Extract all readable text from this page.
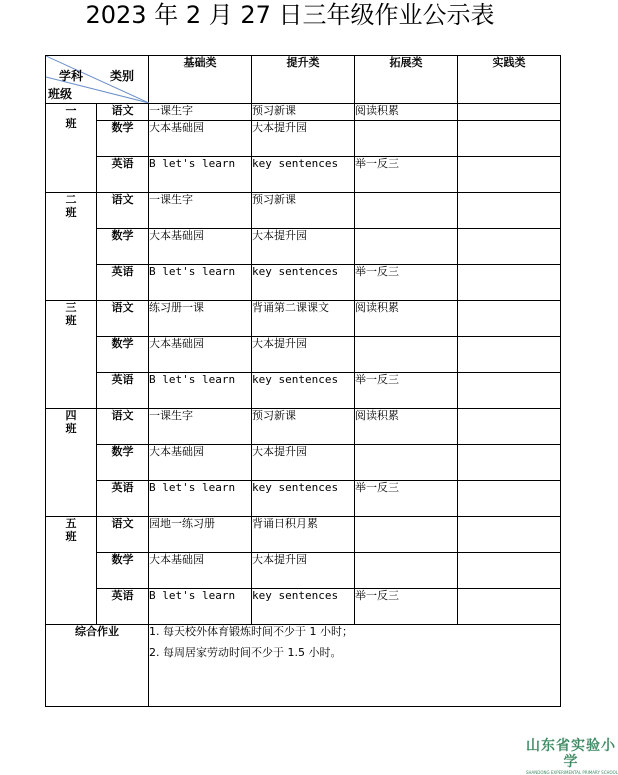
2023 年 2 月 27 日三年级作业公示表
学科 类别
班级		基础类	提升类	拓展类	实践类

一
班	语文	一课生字	预习新课	阅读积累	
	数学	大本基础园	大本提升园		
	英语	B let's learn	key sentences	举一反三	

二
班	语文	一课生字	预习新课		
	数学	大本基础园	大本提升园		
	英语	B let's learn	key sentences	举一反三	

三
班	语文	练习册一课	背诵第二课课文	阅读积累	
	数学	大本基础园	大本提升园		
	英语	B let's learn	key sentences	举一反三	

四
班	语文	一课生字	预习新课	阅读积累	
	数学	大本基础园	大本提升园		
	英语	B let's learn	key sentences	举一反三	

五
班	语文	园地一练习册	背诵日积月累		
	数学	大本基础园	大本提升园		
	英语	B let's learn	key sentences	举一反三	
综合作业		1. 每天校外体育锻炼时间不少于 1 小时；
2. 每周居家劳动时间不少于 1.5 小时。			
山东省实验小学
SHANDONG EXPERIMENTAL PRIMARY SCHOOL
